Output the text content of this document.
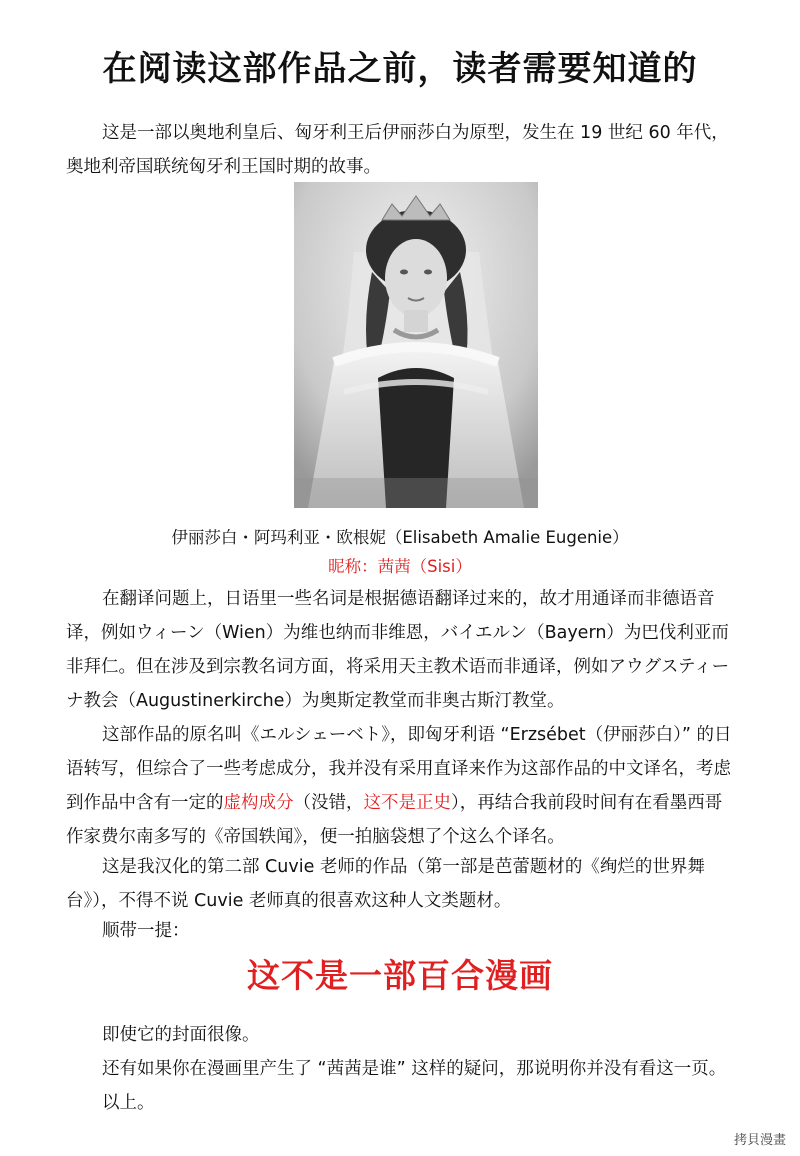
在阅读这部作品之前，读者需要知道的

这是一部以奥地利皇后、匈牙利王后伊丽莎白为原型，发生在 19 世纪 60 年代，奥地利帝国联统匈牙利王国时期的故事。

伊丽莎白・阿玛利亚・欧根妮（Elisabeth Amalie Eugenie）

昵称：茜茜（Sisi）

在翻译问题上，日语里一些名词是根据德语翻译过来的，故才用通译而非德语音译，例如ウィーン（Wien）为维也纳而非维恩，バイエルン（Bayern）为巴伐利亚而非拜仁。但在涉及到宗教名词方面，将采用天主教术语而非通译，例如アウグスティーナ教会（Augustinerkirche）为奥斯定教堂而非奥古斯汀教堂。

这部作品的原名叫《エルシェーベト》，即匈牙利语 “Erzsébet（伊丽莎白）” 的日语转写，但综合了一些考虑成分，我并没有采用直译来作为这部作品的中文译名，考虑到作品中含有一定的虚构成分（没错，这不是正史），再结合我前段时间有在看墨西哥作家费尔南多写的《帝国轶闻》，便一拍脑袋想了个这么个译名。

这是我汉化的第二部 Cuvie 老师的作品（第一部是芭蕾题材的《绚烂的世界舞台》），不得不说 Cuvie 老师真的很喜欢这种人文类题材。

顺带一提：

这不是一部百合漫画

即使它的封面很像。

还有如果你在漫画里产生了 “茜茜是谁” 这样的疑问，那说明你并没有看这一页。

以上。

拷貝漫畫
